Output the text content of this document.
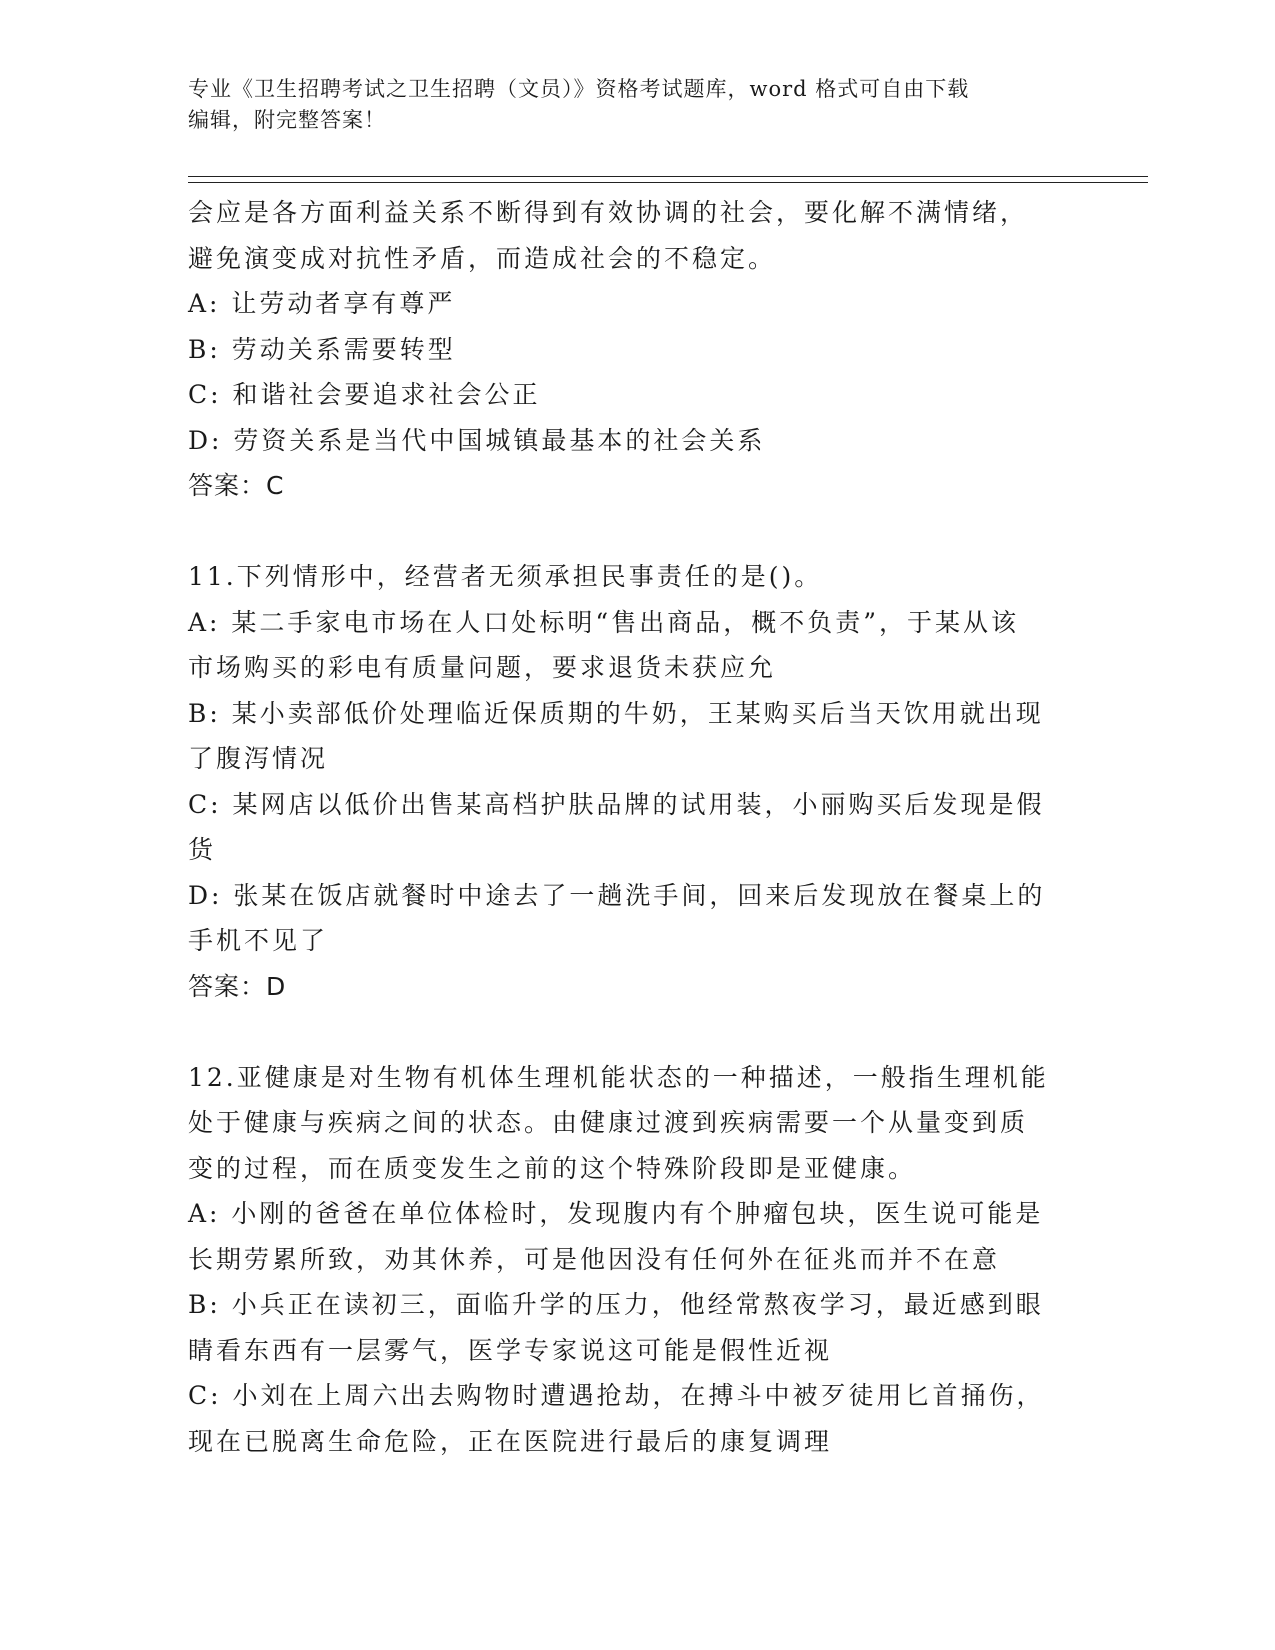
专业《卫生招聘考试之卫生招聘（文员）》资格考试题库，word 格式可自由下载
编辑，附完整答案！

会应是各方面利益关系不断得到有效协调的社会，要化解不满情绪，

避免演变成对抗性矛盾，而造成社会的不稳定。

A: 让劳动者享有尊严

B: 劳动关系需要转型

C: 和谐社会要追求社会公正

D: 劳资关系是当代中国城镇最基本的社会关系

答案：C

11.下列情形中，经营者无须承担民事责任的是()。

A: 某二手家电市场在人口处标明“售出商品，概不负责”，于某从该

市场购买的彩电有质量问题，要求退货未获应允

B: 某小卖部低价处理临近保质期的牛奶，王某购买后当天饮用就出现

了腹泻情况

C: 某网店以低价出售某高档护肤品牌的试用装，小丽购买后发现是假

货

D: 张某在饭店就餐时中途去了一趟洗手间，回来后发现放在餐桌上的

手机不见了

答案：D

12.亚健康是对生物有机体生理机能状态的一种描述，一般指生理机能

处于健康与疾病之间的状态。由健康过渡到疾病需要一个从量变到质

变的过程，而在质变发生之前的这个特殊阶段即是亚健康。

A: 小刚的爸爸在单位体检时，发现腹内有个肿瘤包块，医生说可能是

长期劳累所致，劝其休养，可是他因没有任何外在征兆而并不在意

B: 小兵正在读初三，面临升学的压力，他经常熬夜学习，最近感到眼

睛看东西有一层雾气，医学专家说这可能是假性近视

C: 小刘在上周六出去购物时遭遇抢劫，在搏斗中被歹徒用匕首捅伤，

现在已脱离生命危险，正在医院进行最后的康复调理
